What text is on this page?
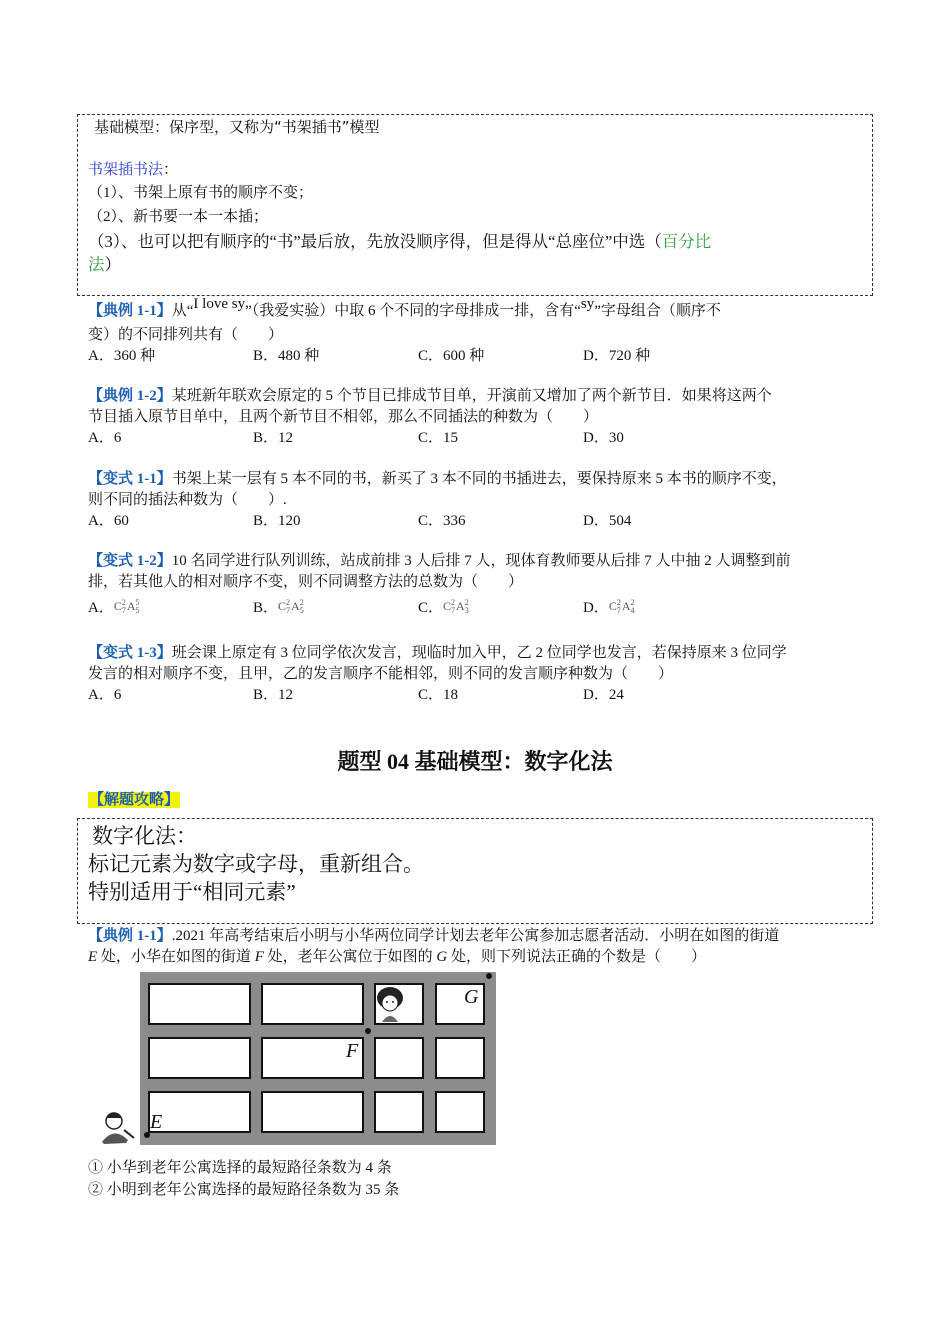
基础模型：保序型，又称为“书架插书”模型
书架插书法：
（1）、书架上原有书的顺序不变；
（2）、新书要一本一本插；
（3）、也可以把有顺序的“书”最后放，先放没顺序得，但是得从“总座位”中选（百分比
法）
【典例 1-1】从“I love sy”（我爱实验）中取 6 个不同的字母排成一排，含有“sy”字母组合（顺序不
变）的不同排列共有（　　）
A．360 种	B．480 种	C．600 种	D．720 种
【典例 1-2】某班新年联欢会原定的 5 个节目已排成节目单，开演前又增加了两个新节目．如果将这两个
节目插入原节目单中，且两个新节目不相邻，那么不同插法的种数为（　　）
A．6	B．12	C．15	D．30
【变式 1-1】书架上某一层有 5 本不同的书，新买了 3 本不同的书插进去，要保持原来 5 本书的顺序不变，
则不同的插法种数为（　　）.
A．60	B．120	C．336	D．504
【变式 1-2】10 名同学进行队列训练，站成前排 3 人后排 7 人，现体育教师要从后排 7 人中抽 2 人调整到前
排，若其他人的相对顺序不变，则不同调整方法的总数为（　　）
A．C 2
7 A 5
5	B．C 2
7 A 2
5	C．C 2
7 A 2
3	D．C 2
7 A 2
4
【变式 1-3】班会课上原定有 3 位同学依次发言，现临时加入甲，乙 2 位同学也发言，若保持原来 3 位同学
发言的相对顺序不变，且甲，乙的发言顺序不能相邻，则不同的发言顺序种数为（　　）
A．6	B．12	C．18	D．24
题型 04 基础模型：数字化法
【解题攻略】
数字化法：
标记元素为数字或字母，重新组合。
特别适用于“相同元素”
【典例 1-1】.2021 年高考结束后小明与小华两位同学计划去老年公寓参加志愿者活动．小明在如图的街道
E 处，小华在如图的街道 F 处，老年公寓位于如图的 G 处，则下列说法正确的个数是（　　）
E
F
G
① 小华到老年公寓选择的最短路径条数为 4 条
② 小明到老年公寓选择的最短路径条数为 35 条
